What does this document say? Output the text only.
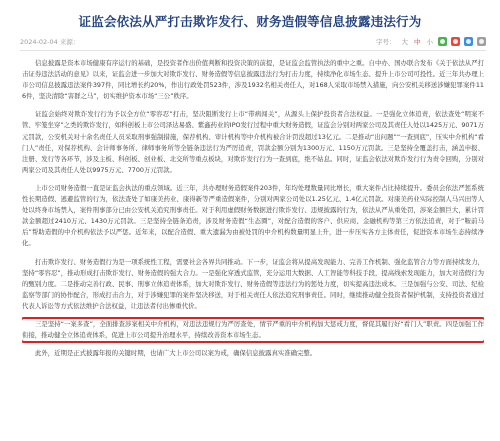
证监会依法从严打击欺诈发行、财务造假等信息披露违法行为
2024-02-04 来源：	字号： 大 中 小

信息披露是资本市场健康有序运行的基础，是投资者作出价值判断和投资决策的前提，是证监会监管执法的重中之重。自中办、国办联合发布《关于依法从严打击证券违法活动的意见》以来，证监会进一步加大对欺诈发行、财务造假等信息披露违法行为打击力度，持续净化市场生态、提升上市公司可投性。近三年共办理上市公司信息披露违法案件397件，同比增长约20%，作出行政处罚523件，涉及1932名相关责任人，对168人采取市场禁入措施，向公安机关移送涉嫌犯罪案件116件，坚决清除“害群之马”，切实维护资本市场“三公”秩序。

证监会始终对欺诈发行行为予以全方位“零容忍”打击，坚决阻断发行上市“带病闯关”，从源头上保护投资者合法权益。一是强化立体追责，依法查处“明案不管、牢笼坐穿”之类的欺诈发行，如科创板上市公司泽达易盛、紫鑫药业的IPO发行过程中重大财务造假，证监会分别对两家公司及其责任人处以1425万元、9071万元罚款，公安机关对十余名责任人员采取刑事强制措施，保荐机构、审计机构等中介机构被合计罚没超过13亿元。二是推动“出问题”“一查到底”，压实中介机构“看门人”责任，对保荐机构、会计师事务所、律师事务所等全链条违法行为严厉追责，罚款金额分别为1300万元、1150万元罚款。三是坚持全覆盖打击，涵盖申报、注册、发行等各环节，涉及主板、科创板、创业板、北交所等重点板块，对欺诈发行行为一查到底，绝不姑息。同时，证监会依法对欺诈发行行为责令回购，分别对两家公司及其责任人处以9975万元、7700万元罚款。

上市公司财务造假一直是证监会执法的重点领域。近三年，共办理财务造假案件203件，年均处理数量同比增长，重大案件占比持续提升。委员会依法严惩系统性长期造假、逃避监管的行为，依法查处了如康美药业、康得新等严重造假案件，分别对两家公司处以1.25亿元、1.4亿元罚款。对康美药业实际控制人马兴田等人处以终身市场禁入，案件刑事部分已由公安机关追究刑事责任。对于利用虚假财务数据进行欺诈发行、违规披露的行为，依法从严从重处罚，涉案金额巨大，累计罚款金额超过2410万元、1430万元罚款。三是坚持全链条追责，涉及财务造假“生态圈”，对配合造假的客户、供应商、金融机构等第三方依法追责，对于“鞍前马后”帮助造假的中介机构依法予以严惩。近年来，以配合造假、重大遗漏为由被处罚的中介机构数量明显上升，进一步压实各方主体责任，促进资本市场生态持续净化。

打击欺诈发行、财务造假行为是一项系统性工程，需要社会各界共同推动。下一步，证监会将从提高发现能力、完善工作机制、强化监管合力等方面持续发力，坚持“零容忍”，推动形成打击欺诈发行、财务造假的强大合力。一是强化穿透式监管，充分运用大数据、人工智能等科技手段，提高线索发现能力，加大对造假行为的甄别力度。二是推动完善行政、民事、刑事立体追责体系，加大对欺诈发行、财务造假等违法行为的惩处力度，切实提高违法成本。三是加强与公安、司法、纪检监察等部门的协作配合，形成打击合力，对于涉嫌犯罪的案件坚决移送，对于相关责任人依法追究刑事责任。同时，继续推动健全投资者保护机制，支持投资者通过代表人诉讼等方式依法维护合法权益，让违法者付出惨重代价。

三是坚持“一案多查”，全面排查涉案相关中介机构，对违法违规行为严厉查处，情节严重的中介机构加大惩戒力度，督促其履行好“看门人”职责。四是加强工作衔接，推动健全立体追责体系，促进上市公司提升治理水平，持续改善资本市场生态。

此外，近期是正式披露年报的关键时期，也请广大上市公司以案为戒，确保信息披露真实准确完整。
